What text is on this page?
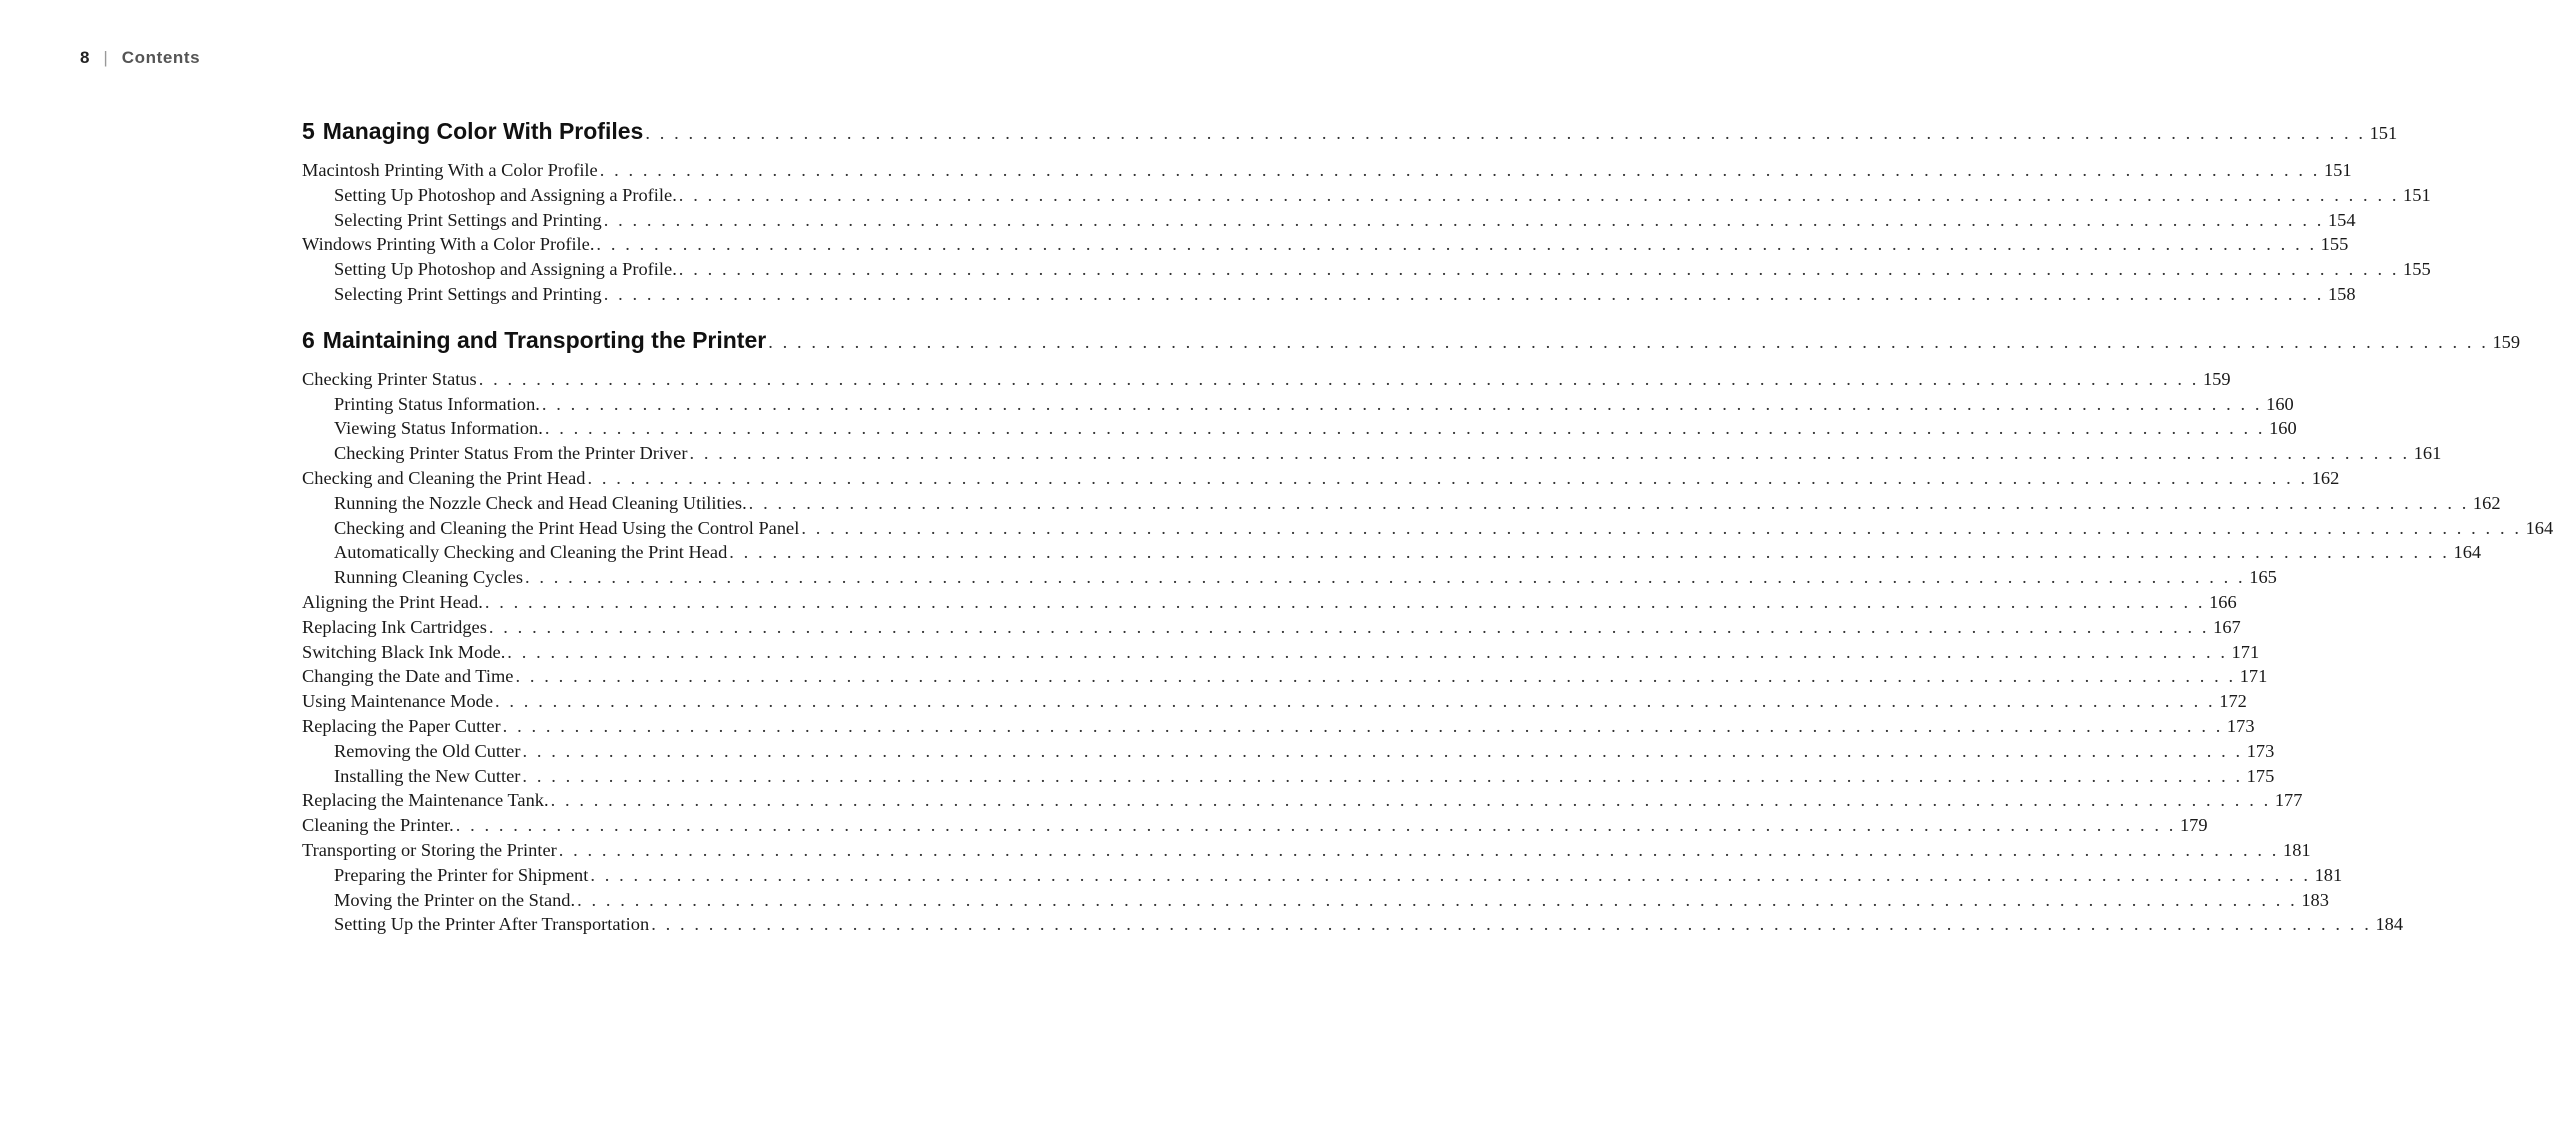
8 | Contents
5 Managing Color With Profiles . . . . . . . . . . . . . . . . . . . . . . . . . . . . . . . . . . . . . . . . . . . . . . . . . . . . . . . . . . . . . . . . . . . . . . . . . . . . . . . . . . . . . . . . . . . . . . . . . . . . . . . . . . . . . . . . . . . . . . . . 151
Macintosh Printing With a Color Profile . . . . . . . . . . . . . . . . . . . . . . . . . . . . . . . . . . . . . . . . . . . . . . . . . . . . . . . . . . . . . . . . . . . . . . . . . . . . . . . . . . . . . . . . . . . . . . . . . . . . . . . . . . . . . . . . . . . . . . . . 151
Setting Up Photoshop and Assigning a Profile. . . . . . . . . . . . . . . . . . . . . . . . . . . . . . . . . . . . . . . . . . . . . . . . . . . . . . . . . . . . . . . . . . . . . . . . . . . . . . . . . . . . . . . . . . . . . . . . . . . . . . . . . . . . . . . . . . . . . . . . . 151
Selecting Print Settings and Printing . . . . . . . . . . . . . . . . . . . . . . . . . . . . . . . . . . . . . . . . . . . . . . . . . . . . . . . . . . . . . . . . . . . . . . . . . . . . . . . . . . . . . . . . . . . . . . . . . . . . . . . . . . . . . . . . . . . . . . . . 154
Windows Printing With a Color Profile. . . . . . . . . . . . . . . . . . . . . . . . . . . . . . . . . . . . . . . . . . . . . . . . . . . . . . . . . . . . . . . . . . . . . . . . . . . . . . . . . . . . . . . . . . . . . . . . . . . . . . . . . . . . . . . . . . . . . . . . . 155
Setting Up Photoshop and Assigning a Profile. . . . . . . . . . . . . . . . . . . . . . . . . . . . . . . . . . . . . . . . . . . . . . . . . . . . . . . . . . . . . . . . . . . . . . . . . . . . . . . . . . . . . . . . . . . . . . . . . . . . . . . . . . . . . . . . . . . . . . . . . 155
Selecting Print Settings and Printing . . . . . . . . . . . . . . . . . . . . . . . . . . . . . . . . . . . . . . . . . . . . . . . . . . . . . . . . . . . . . . . . . . . . . . . . . . . . . . . . . . . . . . . . . . . . . . . . . . . . . . . . . . . . . . . . . . . . . . . . 158
6 Maintaining and Transporting the Printer . . . . . . . . . . . . . . . . . . . . . . . . . . . . . . . . . . . . . . . . . . . . . . . . . . . . . . . . . . . . . . . . . . . . . . . . . . . . . . . . . . . . . . . . . . . . . . . . . . . . . . . . . . . . . . . . . . . . . . . . 159
Checking Printer Status . . . . . . . . . . . . . . . . . . . . . . . . . . . . . . . . . . . . . . . . . . . . . . . . . . . . . . . . . . . . . . . . . . . . . . . . . . . . . . . . . . . . . . . . . . . . . . . . . . . . . . . . . . . . . . . . . . . . . . . . 159
Printing Status Information. . . . . . . . . . . . . . . . . . . . . . . . . . . . . . . . . . . . . . . . . . . . . . . . . . . . . . . . . . . . . . . . . . . . . . . . . . . . . . . . . . . . . . . . . . . . . . . . . . . . . . . . . . . . . . . . . . . . . . . . . 160
Viewing Status Information. . . . . . . . . . . . . . . . . . . . . . . . . . . . . . . . . . . . . . . . . . . . . . . . . . . . . . . . . . . . . . . . . . . . . . . . . . . . . . . . . . . . . . . . . . . . . . . . . . . . . . . . . . . . . . . . . . . . . . . . . 160
Checking Printer Status From the Printer Driver . . . . . . . . . . . . . . . . . . . . . . . . . . . . . . . . . . . . . . . . . . . . . . . . . . . . . . . . . . . . . . . . . . . . . . . . . . . . . . . . . . . . . . . . . . . . . . . . . . . . . . . . . . . . . . . . . . . . . . . . 161
Checking and Cleaning the Print Head . . . . . . . . . . . . . . . . . . . . . . . . . . . . . . . . . . . . . . . . . . . . . . . . . . . . . . . . . . . . . . . . . . . . . . . . . . . . . . . . . . . . . . . . . . . . . . . . . . . . . . . . . . . . . . . . . . . . . . . . 162
Running the Nozzle Check and Head Cleaning Utilities. . . . . . . . . . . . . . . . . . . . . . . . . . . . . . . . . . . . . . . . . . . . . . . . . . . . . . . . . . . . . . . . . . . . . . . . . . . . . . . . . . . . . . . . . . . . . . . . . . . . . . . . . . . . . . . . . . . . . . . . . 162
Checking and Cleaning the Print Head Using the Control Panel . . . . . . . . . . . . . . . . . . . . . . . . . . . . . . . . . . . . . . . . . . . . . . . . . . . . . . . . . . . . . . . . . . . . . . . . . . . . . . . . . . . . . . . . . . . . . . . . . . . . . . . . . . . . . . . . . . . . . . . . 164
Automatically Checking and Cleaning the Print Head . . . . . . . . . . . . . . . . . . . . . . . . . . . . . . . . . . . . . . . . . . . . . . . . . . . . . . . . . . . . . . . . . . . . . . . . . . . . . . . . . . . . . . . . . . . . . . . . . . . . . . . . . . . . . . . . . . . . . . . . 164
Running Cleaning Cycles . . . . . . . . . . . . . . . . . . . . . . . . . . . . . . . . . . . . . . . . . . . . . . . . . . . . . . . . . . . . . . . . . . . . . . . . . . . . . . . . . . . . . . . . . . . . . . . . . . . . . . . . . . . . . . . . . . . . . . . . 165
Aligning the Print Head. . . . . . . . . . . . . . . . . . . . . . . . . . . . . . . . . . . . . . . . . . . . . . . . . . . . . . . . . . . . . . . . . . . . . . . . . . . . . . . . . . . . . . . . . . . . . . . . . . . . . . . . . . . . . . . . . . . . . . . . . 166
Replacing Ink Cartridges . . . . . . . . . . . . . . . . . . . . . . . . . . . . . . . . . . . . . . . . . . . . . . . . . . . . . . . . . . . . . . . . . . . . . . . . . . . . . . . . . . . . . . . . . . . . . . . . . . . . . . . . . . . . . . . . . . . . . . . . 167
Switching Black Ink Mode. . . . . . . . . . . . . . . . . . . . . . . . . . . . . . . . . . . . . . . . . . . . . . . . . . . . . . . . . . . . . . . . . . . . . . . . . . . . . . . . . . . . . . . . . . . . . . . . . . . . . . . . . . . . . . . . . . . . . . . . . 171
Changing the Date and Time . . . . . . . . . . . . . . . . . . . . . . . . . . . . . . . . . . . . . . . . . . . . . . . . . . . . . . . . . . . . . . . . . . . . . . . . . . . . . . . . . . . . . . . . . . . . . . . . . . . . . . . . . . . . . . . . . . . . . . . . 171
Using Maintenance Mode . . . . . . . . . . . . . . . . . . . . . . . . . . . . . . . . . . . . . . . . . . . . . . . . . . . . . . . . . . . . . . . . . . . . . . . . . . . . . . . . . . . . . . . . . . . . . . . . . . . . . . . . . . . . . . . . . . . . . . . . 172
Replacing the Paper Cutter . . . . . . . . . . . . . . . . . . . . . . . . . . . . . . . . . . . . . . . . . . . . . . . . . . . . . . . . . . . . . . . . . . . . . . . . . . . . . . . . . . . . . . . . . . . . . . . . . . . . . . . . . . . . . . . . . . . . . . . . 173
Removing the Old Cutter . . . . . . . . . . . . . . . . . . . . . . . . . . . . . . . . . . . . . . . . . . . . . . . . . . . . . . . . . . . . . . . . . . . . . . . . . . . . . . . . . . . . . . . . . . . . . . . . . . . . . . . . . . . . . . . . . . . . . . . . 173
Installing the New Cutter . . . . . . . . . . . . . . . . . . . . . . . . . . . . . . . . . . . . . . . . . . . . . . . . . . . . . . . . . . . . . . . . . . . . . . . . . . . . . . . . . . . . . . . . . . . . . . . . . . . . . . . . . . . . . . . . . . . . . . . . 175
Replacing the Maintenance Tank. . . . . . . . . . . . . . . . . . . . . . . . . . . . . . . . . . . . . . . . . . . . . . . . . . . . . . . . . . . . . . . . . . . . . . . . . . . . . . . . . . . . . . . . . . . . . . . . . . . . . . . . . . . . . . . . . . . . . . . . . 177
Cleaning the Printer. . . . . . . . . . . . . . . . . . . . . . . . . . . . . . . . . . . . . . . . . . . . . . . . . . . . . . . . . . . . . . . . . . . . . . . . . . . . . . . . . . . . . . . . . . . . . . . . . . . . . . . . . . . . . . . . . . . . . . . . . 179
Transporting or Storing the Printer . . . . . . . . . . . . . . . . . . . . . . . . . . . . . . . . . . . . . . . . . . . . . . . . . . . . . . . . . . . . . . . . . . . . . . . . . . . . . . . . . . . . . . . . . . . . . . . . . . . . . . . . . . . . . . . . . . . . . . . . 181
Preparing the Printer for Shipment . . . . . . . . . . . . . . . . . . . . . . . . . . . . . . . . . . . . . . . . . . . . . . . . . . . . . . . . . . . . . . . . . . . . . . . . . . . . . . . . . . . . . . . . . . . . . . . . . . . . . . . . . . . . . . . . . . . . . . . . 181
Moving the Printer on the Stand. . . . . . . . . . . . . . . . . . . . . . . . . . . . . . . . . . . . . . . . . . . . . . . . . . . . . . . . . . . . . . . . . . . . . . . . . . . . . . . . . . . . . . . . . . . . . . . . . . . . . . . . . . . . . . . . . . . . . . . . . 183
Setting Up the Printer After Transportation . . . . . . . . . . . . . . . . . . . . . . . . . . . . . . . . . . . . . . . . . . . . . . . . . . . . . . . . . . . . . . . . . . . . . . . . . . . . . . . . . . . . . . . . . . . . . . . . . . . . . . . . . . . . . . . . . . . . . . . . 184
